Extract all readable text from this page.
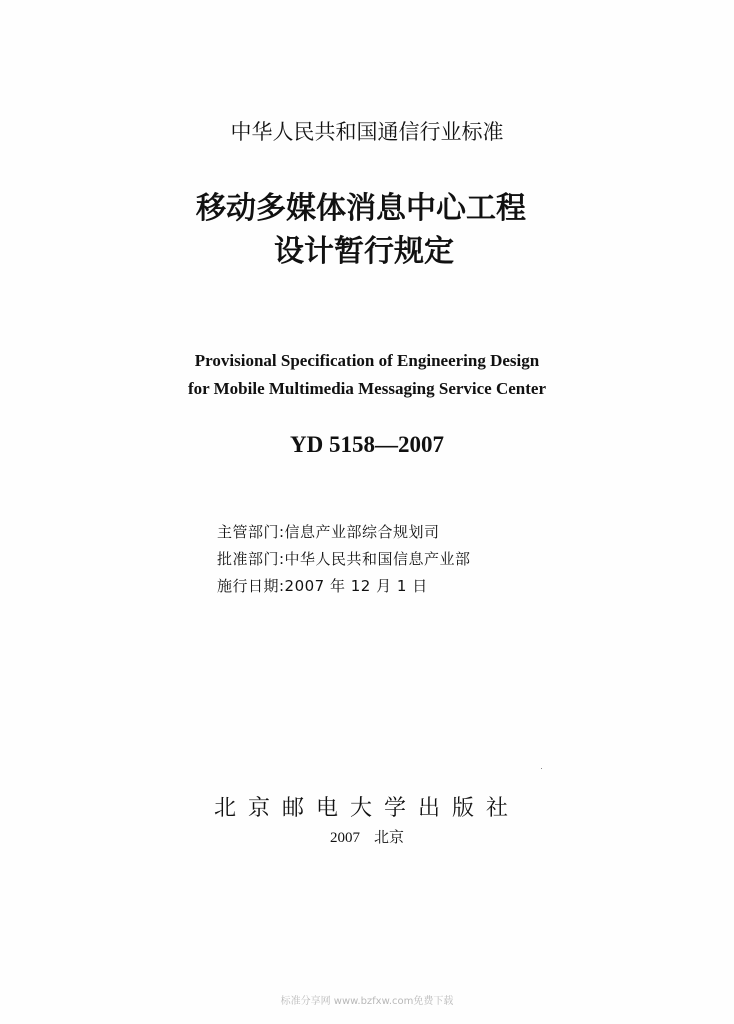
中华人民共和国通信行业标准

移动多媒体消息中心工程

设计暂行规定

Provisional Specification of Engineering Design

for Mobile Multimedia Messaging Service Center

YD 5158—2007

主管部门:信息产业部综合规划司

批准部门:中华人民共和国信息产业部

施行日期:2007 年 12 月 1 日

北京邮电大学出版社

2007 北京

标准分享网 www.bzfxw.com免费下载
